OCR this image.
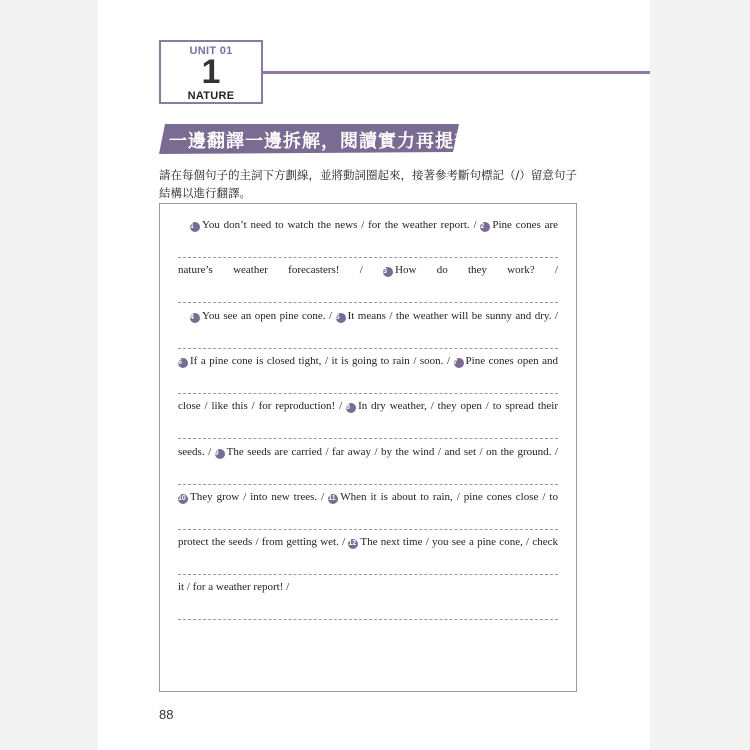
UNIT 01
1
NATURE
一邊翻譯一邊拆解，閱讀實力再提升！
請在每個句子的主詞下方劃線，並將動詞圈起來，接著參考斷句標記（/）留意句子結構以進行翻譯。
1 You don’t need to watch the news / for the weather report. / 2 Pine cones are
nature’s weather forecasters! / 3 How do they work? /
4 You see an open pine cone. / 5 It means / the weather will be sunny and dry. /
6 If a pine cone is closed tight, / it is going to rain / soon. / 7 Pine cones open and
close / like this / for reproduction! / 8 In dry weather, / they open / to spread their
seeds. / 9 The seeds are carried / far away / by the wind / and set / on the ground. /
10 They grow / into new trees. / 11 When it is about to rain, / pine cones close / to
protect the seeds / from getting wet. / 12 The next time / you see a pine cone, / check
it / for a weather report! /
88
